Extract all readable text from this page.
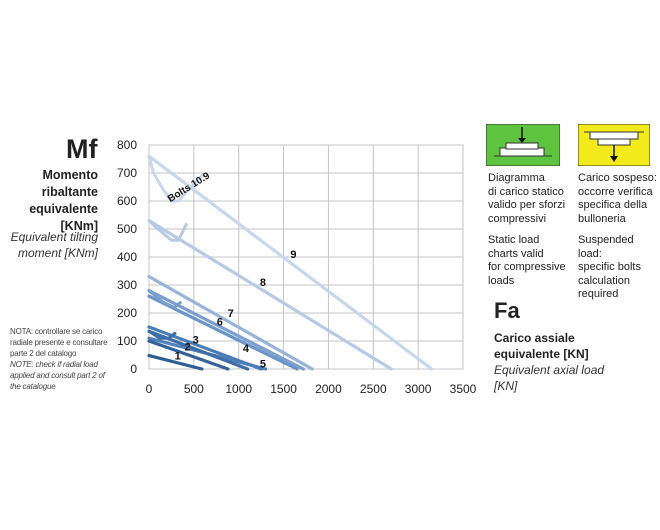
0
100
200
300
400
500
600
700
800
0	500 1000 1500 2000 2500 3000 3500
1
2
3
4
5
6
7
8
9
Bolts 10.9
Mf
Momento
ribaltante
equivalente
[KNm]
Equivalent tilting
moment [KNm]
NOTA: controllare se carico radiale presente e consultare parte 2 del catalogo
NOTE: check if radial load applied and consult part 2 of the catalogue
Diagramma
di carico statico
valido per sforzi
compressivi
Static load
charts valid
for compressive
loads
Carico sospeso:
occorre verifica
specifica della
bulloneria
Suspended load:
specific bolts
calculation
required
Fa
Carico assiale
equivalente [KN]
Equivalent axial load
[KN]
